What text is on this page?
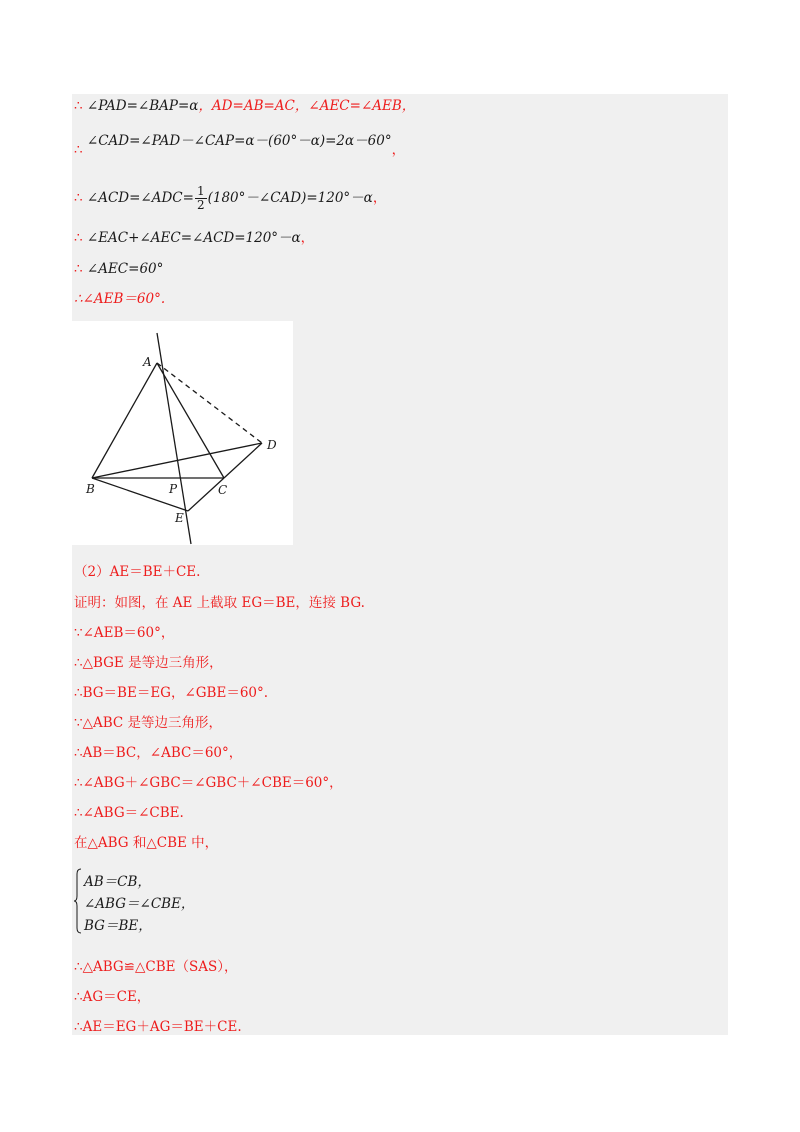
∴ ∠PAD=∠BAP=α，AD=AB=AC，∠AEC=∠AEB，
∴ ∠CAD=∠PAD－∠CAP=α－(60°－α)=2α－60°，
∴ ∠ACD=∠ADC= $\frac{1}{2}$ (180°－∠CAD)=120°－α，
∴ ∠EAC+∠AEC=∠ACD=120°－α，
∴ ∠AEC=60°
∴∠AEB＝60°.
A
B	C
D
E
P
（2）AE＝BE＋CE.
证明：如图，在 AE 上截取 EG＝BE，连接 BG.
∵∠AEB＝60°，
∴△BGE 是等边三角形，
∴BG＝BE＝EG，∠GBE＝60°.
∵△ABC 是等边三角形，
∴AB＝BC，∠ABC＝60°，
∴∠ABG＋∠GBC＝∠GBC＋∠CBE＝60°，
∴∠ABG＝∠CBE.
在△ABG 和△CBE 中，
AB＝CB，
∠ABG＝∠CBE，
BG＝BE，
∴△ABG≌△CBE（SAS），
∴AG＝CE，
∴AE＝EG＋AG＝BE＋CE.
